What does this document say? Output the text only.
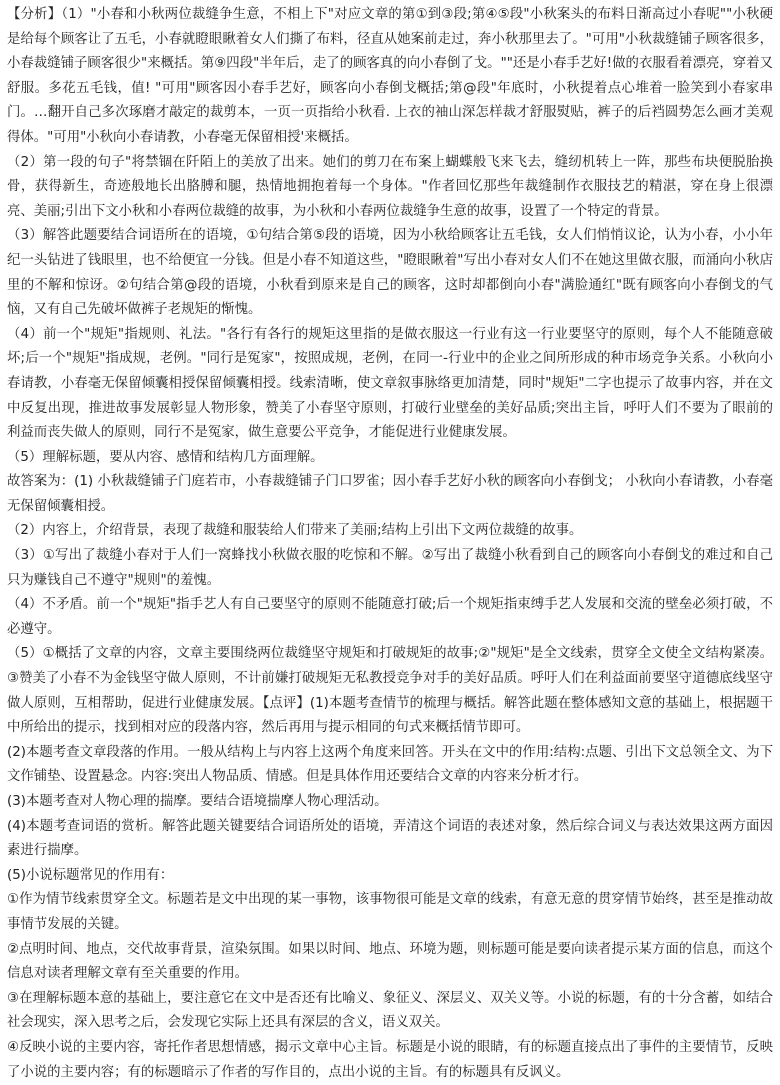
【分析】（1）"小春和小秋两位裁缝争生意，不相上下"对应文章的第①到③段;第④⑤段"小秋案头的布料日渐高过小春呢""小秋硬是给每个顾客让了五毛，小春就瞪眼瞅着女人们撕了布料，径直从她案前走过，奔小秋那里去了。"可用"小秋裁缝铺子顾客很多，小春裁缝铺子顾客很少"来概括。第⑨四段"半年后，走了的顾客真的向小春倒了戈。""还是小春手艺好!做的衣服看着漂亮，穿着又舒服。多花五毛钱，值! "可用"顾客因小春手艺好，顾客向小春倒戈概括;第@段"年底时，小秋提着点心堆着一脸笑到小春家串门。…翻开自己多次琢磨才敲定的裁剪本，一页一页指给小秋看. 上衣的袖山深怎样裁才舒服熨贴，裤子的后裆圆势怎么画才美观得体。"可用"小秋向小春请教，小春毫无保留相授'来概括。

（2）第一段的句子"将禁锢在阡陌上的美放了出来。她们的剪刀在布案上蝴蝶般飞来飞去，缝纫机转上一阵，那些布块便脱胎换骨，获得新生，奇迹般地长出胳膊和腿，热情地拥抱着每一个身体。"作者回忆那些年裁缝制作衣服技艺的精湛，穿在身上很漂亮、美丽;引出下文小秋和小春两位裁缝的故事，为小秋和小春两位裁缝争生意的故事，设置了一个特定的背景。

（3）解答此题要结合词语所在的语境，①句结合第⑤段的语境，因为小秋给顾客让五毛钱，女人们悄悄议论，认为小春，小小年纪一头钻进了钱眼里，也不给便宜一分钱。但是小春不知道这些，"瞪眼瞅着"写出小春对女人们不在她这里做衣服，而涌向小秋店里的不解和惊讶。②句结合第@段的语境，小秋看到原来是自己的顾客，这时却都倒向小春"满脸通红"既有顾客向小春倒戈的气恼，又有自己先破坏做裤子老规矩的惭愧。

（4）前一个"规矩"指规则、礼法。"各行有各行的规矩这里指的是做衣服这一行业有这一行业要坚守的原则，每个人不能随意破坏;后一个"规矩"指成规，老例。"同行是冤家"，按照成规，老例，在同一-行业中的企业之间所形成的种市场竞争关系。小秋向小春请教，小春毫无保留倾囊相授保留倾囊相授。线索清晰，使文章叙事脉络更加清楚，同时"规矩"二字也提示了故事内容，并在文中反复出现，推进故事发展彰显人物形象，赞美了小春坚守原则，打破行业壁垒的美好品质;突出主旨，呼吁人们不要为了眼前的利益而丧失做人的原则，同行不是冤家，做生意要公平竞争，才能促进行业健康发展。

（5）理解标题，要从内容、感情和结构几方面理解。

故答案为：(1) 小秋裁缝铺子门庭若市，小春裁缝铺子门口罗雀；因小春手艺好小秋的顾客向小春倒戈； 小秋向小春请教，小春毫无保留倾囊相授。

（2）内容上，介绍背景，表现了裁缝和服装给人们带来了美丽;结构上引出下文两位裁缝的故事。

（3）①写出了裁缝小春对于人们一窝蜂找小秋做衣服的吃惊和不解。②写出了裁缝小秋看到自己的顾客向小春倒戈的难过和自己只为赚钱自己不遵守"规则"的羞愧。

（4）不矛盾。前一个"规矩"指手艺人有自己要坚守的原则不能随意打破;后一个规矩指束缚手艺人发展和交流的壁垒必须打破，不必遵守。

（5）①概括了文章的内容，文章主要围绕两位裁缝坚守规矩和打破规矩的故事;②"规矩"是全文线索，贯穿全文使全文结构紧凑。③赞美了小春不为金钱坚守做人原则，不计前嫌打破规矩无私教授竞争对手的美好品质。呼吁人们在利益面前要坚守道德底线坚守做人原则，互相帮助，促进行业健康发展。【点评】(1)本题考查情节的梳理与概括。解答此题在整体感知文意的基础上，根据题干中所给出的提示，找到相对应的段落内容，然后再用与提示相同的句式来概括情节即可。

(2)本题考查文章段落的作用。一般从结构上与内容上这两个角度来回答。开头在文中的作用:结构:点题、引出下文总领全文、为下文作铺垫、设置悬念。内容:突出人物品质、情感。但是具体作用还要结合文章的内容来分析才行。

(3)本题考查对人物心理的揣摩。要结合语境揣摩人物心理活动。

(4)本题考查词语的赏析。解答此题关键要结合词语所处的语境，弄清这个词语的表述对象，然后综合词义与表达效果这两方面因素进行揣摩。

(5)小说标题常见的作用有：

①作为情节线索贯穿全文。标题若是文中出现的某一事物，该事物很可能是文章的线索，有意无意的贯穿情节始终，甚至是推动故事情节发展的关键。

②点明时间、地点，交代故事背景，渲染氛围。如果以时间、地点、环境为题，则标题可能是要向读者提示某方面的信息，而这个信息对读者理解文章有至关重要的作用。

③在理解标题本意的基础上，要注意它在文中是否还有比喻义、象征义、深层义、双关义等。小说的标题，有的十分含蓄，如结合社会现实，深入思考之后，会发现它实际上还具有深层的含义，语义双关。

④反映小说的主要内容，寄托作者思想情感，揭示文章中心主旨。标题是小说的眼睛，有的标题直接点出了事件的主要情节，反映了小说的主要内容；有的标题暗示了作者的写作目的，点出小说的主旨。有的标题具有反讽义。
